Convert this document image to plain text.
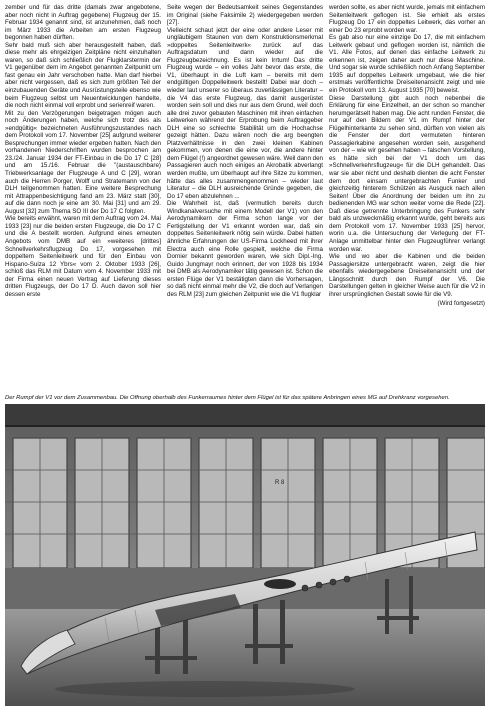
zember und für das dritte (damals zwar angebotene, aber noch nicht in Auftrag gegebene) Flugzeug der 15. Februar 1934 genannt sind, ist anzunehmen, daß noch im März 1933 die Arbeiten am ersten Flugzeug begonnen haben dürften.

Sehr bald muß sich aber herausgestellt haben, daß diese mehr als ehrgeizigen Zeitpläne nicht einzuhalten waren, so daß sich schließlich der Flugklarstermin der V1 gegenüber dem im Angebot genannten Zeitpunkt um fast genau ein Jahr verschoben hatte. Man darf hierbei aber nicht vergessen, daß es sich zum größten Teil der einzubauenden Geräte und Ausrüstungsteile ebenso wie beim Flugzeug selbst um Neuentwicklungen handelte, die noch nicht einmal voll erprobt und serienreif waren.

Mit zu den Verzögerungen beigetragen mögen auch noch Änderungen haben, welche sich trotz des als »endgültig« bezeichneten Ausführungszustandes nach dem Protokoll vom 17. November [25] aufgrund weiterer Besprechungen immer wieder ergeben hatten. Nach den vorhandenen Niederschriften wurden besprochen am 23./24. Januar 1934 der FT-Einbau in die Do 17 C [28] und am 15./16. Februar die "(austauschbare) Triebwerksanlage der Flugzeuge A und C [29], woran auch die Herren Porger, Wolff und Stratemann von der DLH teilgenommen hatten. Eine weitere Besprechung mit Attrappenbesichtigung fand am 23. März statt [30], auf die dann noch je eine am 30. Mai [31] und am 29. August [32] zum Thema SO III der Do 17 C folgten.

Wie bereits erwähnt, waren mit dem Auftrag vom 24. Mai 1933 [23] nur die beiden ersten Flugzeuge, die Do 17 C und die A bestellt worden. Aufgrund eines erneuten Angebots vom DMB auf ein »weiteres [drittes] Schnellverkehrsflugzeug Do 17, vorgesehen mit doppeltem Seitenleitwerk und für den Einbau von Hispano-Suiza 12 Ybrs« vom 2. Oktober 1933 [26], schloß das RLM mit Datum vom 4. November 1933 mit der Firma einen neuen Vertrag auf Lieferung dieses dritten Flugzeugs, der Do 17 D. Auch davon soll hier dessen erste

Seite wegen der Bedeutsamkeit seines Gegenstandes im Original (siehe Faksimile 2) wiedergegeben werden [27].

Vielleicht schaut jetzt der eine oder andere Leser mit ungläubigem Staunen von dem Konstruktionsmerkmal »doppeltes Seitenleitwerk« zurück auf das Auftragsdatum und dann wieder auf die Flugzeugbezeichnung. Es ist kein Irrtum! Das dritte Flugzeug wurde – ein volles Jahr bevor das erste, die V1, überhaupt in die Luft kam – bereits mit dem endgültigen Doppelleitwerk bestellt! Dabei war doch – wieder laut unserer so überaus zuverlässigen Literatur – die V4 das erste Flugzeug, das damit ausgerüstet worden sein soll und dies nur aus dem Grund, weil doch alle drei zuvor gebauten Maschinen mit ihren einfachen Leitwerken während der Erprobung beim Auftraggeber DLH eine so schlechte Stabilität um die Hochachse gezeigt hätten. Dazu wären noch die arg beengten Platzverhältnisse in den zwei kleinen Kabinen gekommen, von denen die eine vor, die andere hinter dem Flügel (!) angeordnet gewesen wäre. Weil dann den Passagieren auch noch einiges an Akrobatik abverlangt werden mußte, um überhaupt auf ihre Sitze zu kommen, hätte das alles zusammengenommen – wieder laut Literatur – die DLH ausreichende Gründe gegeben, die Do 17 eben abzulehnen ...

Die Wahrheit ist, daß (vermutlich bereits durch Windkanalversuche mit einem Modell der V1) von den Aerodynamikern der Firma schon lange vor der Fertigstellung der V1 erkannt worden war, daß ein doppeltes Seitenleitwerk nötig sein würde. Dabei hatten ähnliche Erfahrungen der US-Firma Lockheed mit ihrer Electra auch eine Rolle gespielt, welche die Firma Dornier bekannt geworden waren, wie sich Dipl.-Ing. Guido Jungmayr noch erinnert, der von 1928 bis 1934 bei DMB als Aerodynamiker tätig gewesen ist. Schon die ersten Flüge der V1 bestätigten dann die Vorhersagen, so daß nicht einmal mehr die V2, die doch auf Verlangen des RLM [23] zum gleichen Zeitpunkt wie die V1 flugklar

werden sollte, es aber nicht wurde, jemals mit einfachem Seitenleitwerk geflogen ist. Sie erhielt als erstes Flugzeug Do 17 ein doppeltes Leitwerk, das vorher an einer Do 23 erprobt worden war.

Es gab also nur eine einzige Do 17, die mit einfachem Leitwerk gebaut und geflogen worden ist, nämlich die V1. Alle Fotos, auf denen das einfache Leitwerk zu erkennen ist, zeigen daher auch nur diese Maschine. Und sogar sie wurde schließlich noch Anfang September 1935 auf doppeltes Leitwerk umgebaut, wie die hier erstmals veröffentlichte Dreiseitenansicht zeigt und wie ein Protokoll vom 13. August 1935 [70] beweist.

Diese Darstellung gibt auch noch nebenbei die Erklärung für eine Einzelheit, an der schon so mancher herumgerätselt haben mag. Die acht runden Fenster, die nur auf den Bildern der V1 im Rumpf hinter der Flügelhinterkante zu sehen sind, dürften von vielen als die Fenster der dort vermuteten hinteren Passagierkabine angesehen worden sein, ausgehend von der – wie wir gesehen haben – falschen Vorstellung, es hätte sich bei der V1 doch um das »Schnellverkehrsflugzeug« für die DLH gehandelt. Das war sie aber nicht und deshalb dienten die acht Fenster dem dort einsam untergebrachten Funker und gleichzeitig hinterem Schützen als Ausguck nach allen Seiten! Über die Anordnung der beiden um ihn zu bedienenden MG war schon weiter vorne die Rede [22]. Daß diese getrennte Unterbringung des Funkers sehr bald als unzweckmäßig erkannt wurde, geht bereits aus dem Protokoll vom 17. November 1933 [25] hervor, worin u.a. die Untersuchung der Verlegung der FT-Anlage unmittelbar hinter den Flugzeugführer verlangt worden war.

Wie und wo aber die Kabinen und die beiden Passagiersitze untergebracht waren, zeigt die hier ebenfalls wiedergegebene Dreiseitenansicht und der Längsschnitt durch den Rumpf der V6. Die Darstellungen gelten in gleicher Weise auch für die V2 in ihrer ursprünglichen Gestalt sowie für die V9.

(Wird fortgesetzt)

Der Rumpf der V1 vor dem Zusammenbau. Die Öffnung oberhalb des Funkerraumes hinter dem Flügel ist für das spätere Anbringen eines MG auf Drehkranz vorgesehen.
R 8
